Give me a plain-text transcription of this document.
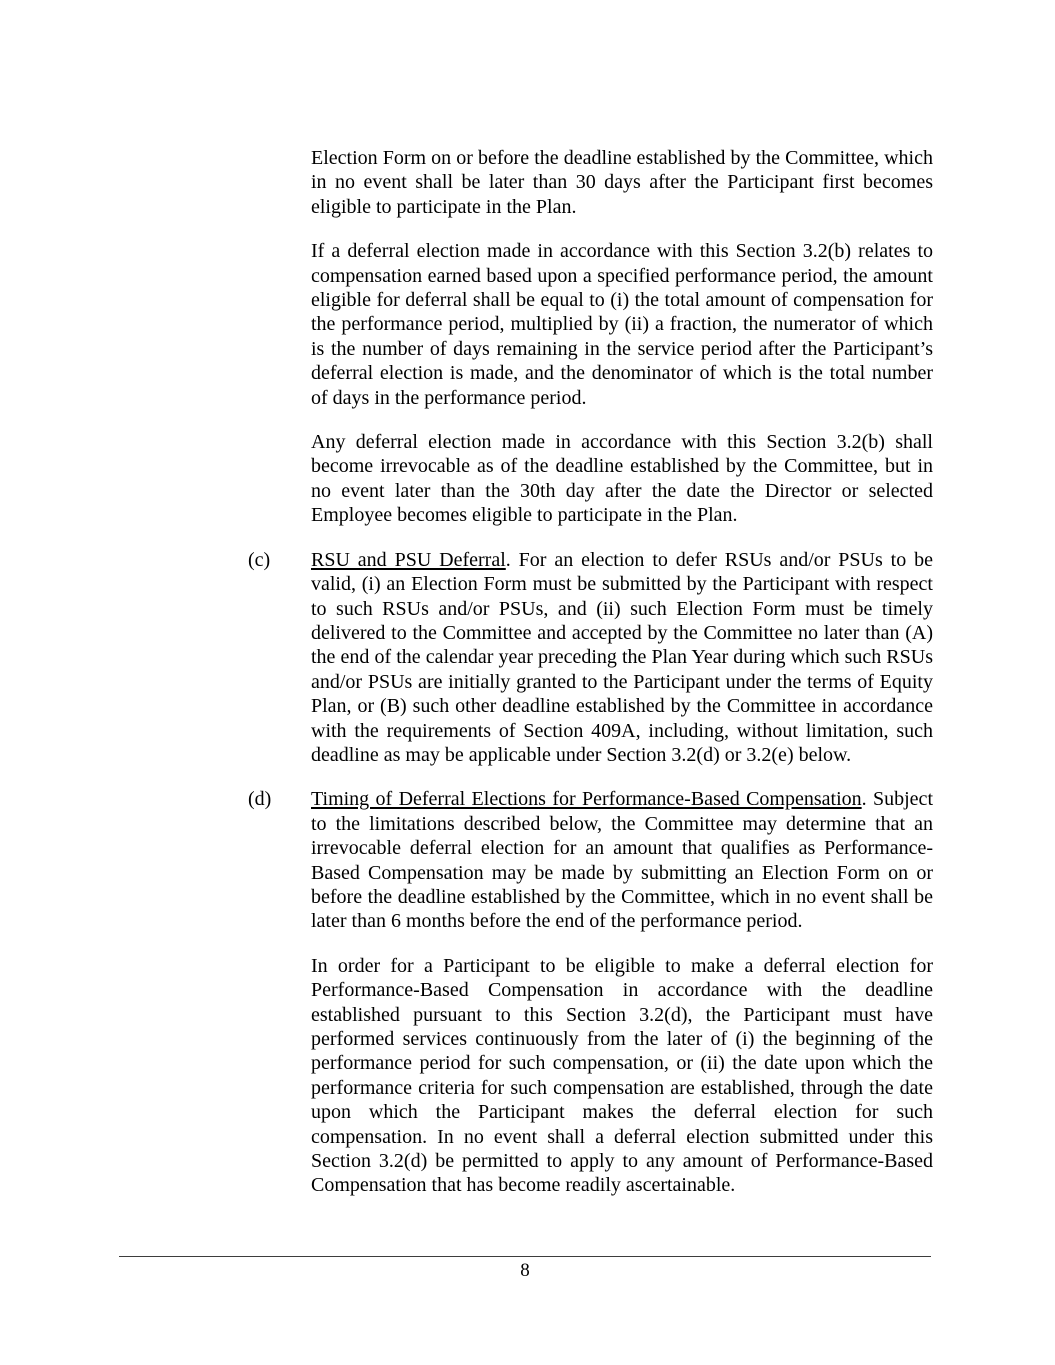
Election Form on or before the deadline established by the Committee, which in no event shall be later than 30 days after the Participant first becomes eligible to participate in the Plan.

If a deferral election made in accordance with this Section 3.2(b) relates to compensation earned based upon a specified performance period, the amount eligible for deferral shall be equal to (i) the total amount of compensation for the performance period, multiplied by (ii) a fraction, the numerator of which is the number of days remaining in the service period after the Participant’s deferral election is made, and the denominator of which is the total number of days in the performance period.

Any deferral election made in accordance with this Section 3.2(b) shall become irrevocable as of the deadline established by the Committee, but in no event later than the 30th day after the date the Director or selected Employee becomes eligible to participate in the Plan.

(c) RSU and PSU Deferral. For an election to defer RSUs and/or PSUs to be valid, (i) an Election Form must be submitted by the Participant with respect to such RSUs and/or PSUs, and (ii) such Election Form must be timely delivered to the Committee and accepted by the Committee no later than (A) the end of the calendar year preceding the Plan Year during which such RSUs and/or PSUs are initially granted to the Participant under the terms of Equity Plan, or (B) such other deadline established by the Committee in accordance with the requirements of Section 409A, including, without limitation, such deadline as may be applicable under Section 3.2(d) or 3.2(e) below.

(d) Timing of Deferral Elections for Performance-Based Compensation. Subject to the limitations described below, the Committee may determine that an irrevocable deferral election for an amount that qualifies as Performance-Based Compensation may be made by submitting an Election Form on or before the deadline established by the Committee, which in no event shall be later than 6 months before the end of the performance period.

In order for a Participant to be eligible to make a deferral election for Performance-Based Compensation in accordance with the deadline established pursuant to this Section 3.2(d), the Participant must have performed services continuously from the later of (i) the beginning of the performance period for such compensation, or (ii) the date upon which the performance criteria for such compensation are established, through the date upon which the Participant makes the deferral election for such compensation. In no event shall a deferral election submitted under this Section 3.2(d) be permitted to apply to any amount of Performance-Based Compensation that has become readily ascertainable.

8
